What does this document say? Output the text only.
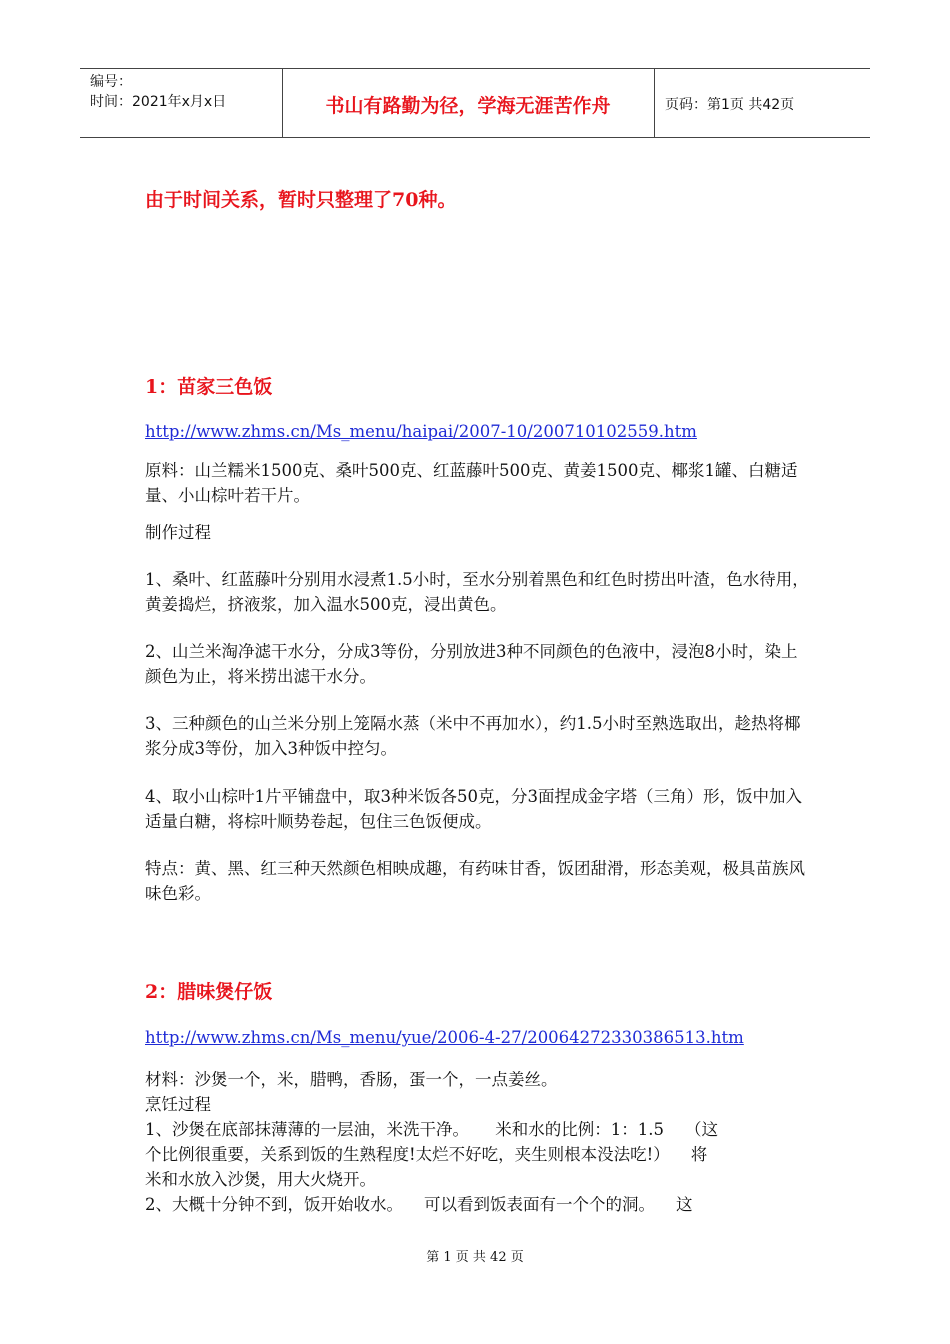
编号：
时间：2021年x月x日	书山有路勤为径，学海无涯苦作舟	页码：第1页 共42页
由于时间关系，暂时只整理了70种。
1：苗家三色饭
http://www.zhms.cn/Ms_menu/haipai/2007-10/200710102559.htm

原料：山兰糯米1500克、桑叶500克、红蓝藤叶500克、黄姜1500克、椰浆1罐、白糖适量、小山棕叶若干片。

制作过程

1、桑叶、红蓝藤叶分别用水浸煮1.5小时，至水分别着黑色和红色时捞出叶渣，色水待用，黄姜捣烂，挤液浆，加入温水500克，浸出黄色。

2、山兰米淘净滤干水分，分成3等份，分别放进3种不同颜色的色液中，浸泡8小时，染上颜色为止，将米捞出滤干水分。

3、三种颜色的山兰米分别上笼隔水蒸（米中不再加水），约1.5小时至熟选取出，趁热将椰浆分成3等份，加入3种饭中控匀。

4、取小山棕叶1片平铺盘中，取3种米饭各50克，分3面捏成金字塔（三角）形，饭中加入适量白糖，将棕叶顺势卷起，包住三色饭便成。

特点：黄、黑、红三种天然颜色相映成趣，有药味甘香，饭团甜滑，形态美观，极具苗族风味色彩。

2：腊味煲仔饭
http://www.zhms.cn/Ms_menu/yue/2006-4-27/20064272330386513.htm
材料：沙煲一个，米，腊鸭，香肠，蛋一个，一点姜丝。
烹饪过程
1、沙煲在底部抹薄薄的一层油，米洗干净。     米和水的比例：1：1.5    （这
个比例很重要，关系到饭的生熟程度!太烂不好吃，夹生则根本没法吃!）    将
米和水放入沙煲，用大火烧开。
2、大概十分钟不到，饭开始收水。    可以看到饭表面有一个个的洞。    这
第 1 页 共 42 页
